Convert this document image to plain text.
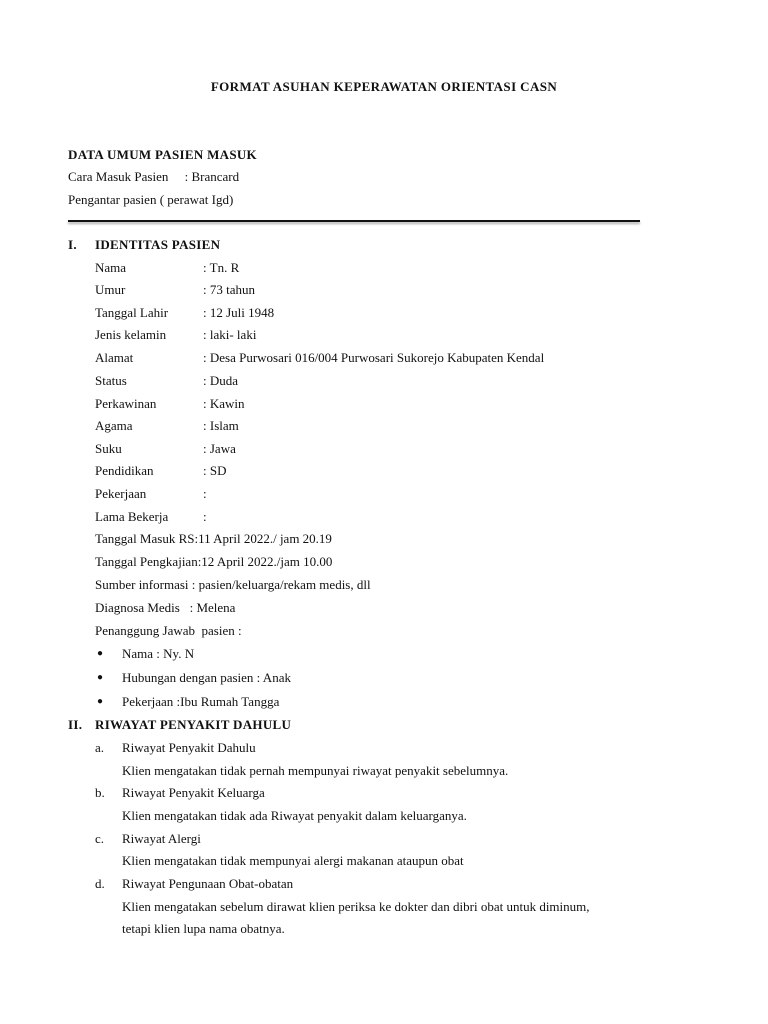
FORMAT ASUHAN KEPERAWATAN ORIENTASI CASN
DATA UMUM PASIEN MASUK
Cara Masuk Pasien     : Brancard
Pengantar pasien ( perawat Igd)
I. IDENTITAS PASIEN
Nama	: Tn. R
Umur	: 73 tahun
Tanggal Lahir	: 12 Juli 1948
Jenis kelamin	: laki- laki
Alamat	: Desa Purwosari 016/004 Purwosari Sukorejo Kabupaten Kendal
Status	: Duda
Perkawinan	: Kawin
Agama	: Islam
Suku	: Jawa
Pendidikan	: SD
Pekerjaan	:
Lama Bekerja	:
Tanggal Masuk RS:11 April 2022./ jam 20.19
Tanggal Pengkajian:12 April 2022./jam 10.00
Sumber informasi : pasien/keluarga/rekam medis, dll
Diagnosa Medis   : Melena
Penanggung Jawab  pasien :
● Nama : Ny. N
● Hubungan dengan pasien : Anak
● Pekerjaan :Ibu Rumah Tangga
II. RIWAYAT PENYAKIT DAHULU
a. Riwayat Penyakit Dahulu
Klien mengatakan tidak pernah mempunyai riwayat penyakit sebelumnya.
b. Riwayat Penyakit Keluarga
Klien mengatakan tidak ada Riwayat penyakit dalam keluarganya.
c. Riwayat Alergi
Klien mengatakan tidak mempunyai alergi makanan ataupun obat
d. Riwayat Pengunaan Obat-obatan
Klien mengatakan sebelum dirawat klien periksa ke dokter dan dibri obat untuk diminum,
tetapi klien lupa nama obatnya.
